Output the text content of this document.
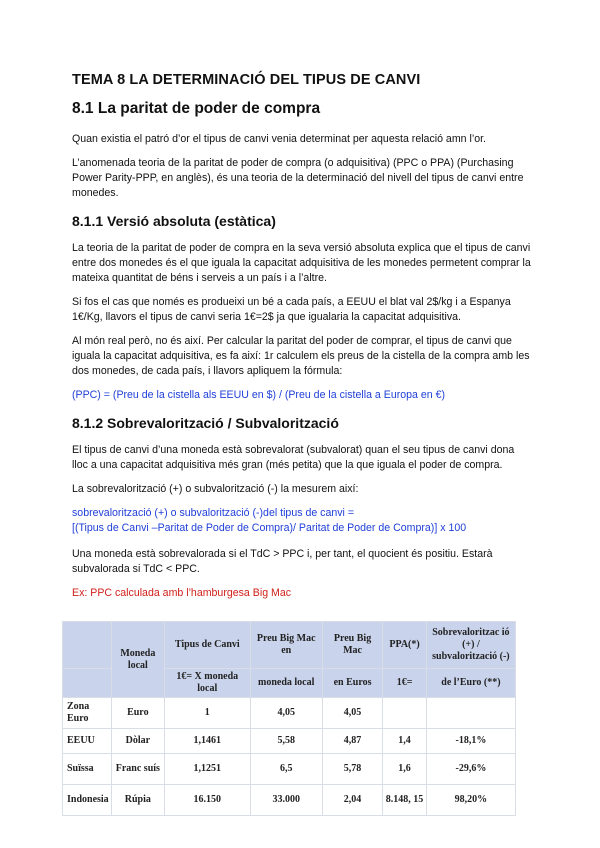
TEMA 8 LA DETERMINACIÓ DEL TIPUS DE CANVI
8.1 La paritat de poder de compra

Quan existia el patró d’or el tipus de canvi venia determinat per aquesta relació amn l’or.

L’anomenada teoria de la paritat de poder de compra (o adquisitiva) (PPC o PPA) (Purchasing Power Parity-PPP, en anglès), és una teoria de la determinació del nivell del tipus de canvi entre monedes.

8.1.1 Versió absoluta (estàtica)

La teoria de la paritat de poder de compra en la seva versió absoluta explica que el tipus de canvi entre dos monedes és el que iguala la capacitat adquisitiva de les monedes permetent comprar la mateixa quantitat de béns i serveis a un país i a l’altre.

Si fos el cas que només es produeixi un bé a cada país, a EEUU el blat val 2$/kg i a Espanya 1€/Kg, llavors el tipus de canvi seria 1€=2$ ja que igualaria la capacitat adquisitiva.

Al món real però, no és així. Per calcular la paritat del poder de comprar, el tipus de canvi que iguala la capacitat adquisitiva, es fa així: 1r calculem els preus de la cistella de la compra amb les dos monedes, de cada país, i llavors apliquem la fórmula:

(PPC) = (Preu de la cistella als EEUU en $) / (Preu de la cistella a Europa en €)

8.1.2 Sobrevalorització / Subvalorització

El tipus de canvi d’una moneda està sobrevalorat (subvalorat) quan el seu tipus de canvi dona lloc a una capacitat adquisitiva més gran (més petita) que la que iguala el poder de compra.

La sobrevalorització (+) o subvalorització (-) la mesurem així:

sobrevalorització (+) o subvalorització (-)del tipus de canvi =
[(Tipus de Canvi –Paritat de Poder de Compra)/ Paritat de Poder de Compra)] x 100

Una moneda està sobrevalorada si el TdC > PPC i, per tant, el quocient és positiu. Estarà subvalorada si TdC < PPC.

Ex: PPC calculada amb l’hamburgesa Big Mac

	Moneda local	Tipus de Canvi	Preu Big Mac en	Preu Big Mac	PPA(*)	Sobrevaloritzac ió (+) / subvalorització (-)
		1€= X moneda local	moneda local	en Euros	1€=	de l’Euro (**)
Zona Euro	Euro	1	4,05	4,05		
EEUU	Dòlar	1,1461	5,58	4,87	1,4	-18,1%
Suïssa	Franc suís	1,1251	6,5	5,78	1,6	-29,6%
Indonesia	Rúpia	16.150	33.000	2,04	8.148, 15	98,20%
